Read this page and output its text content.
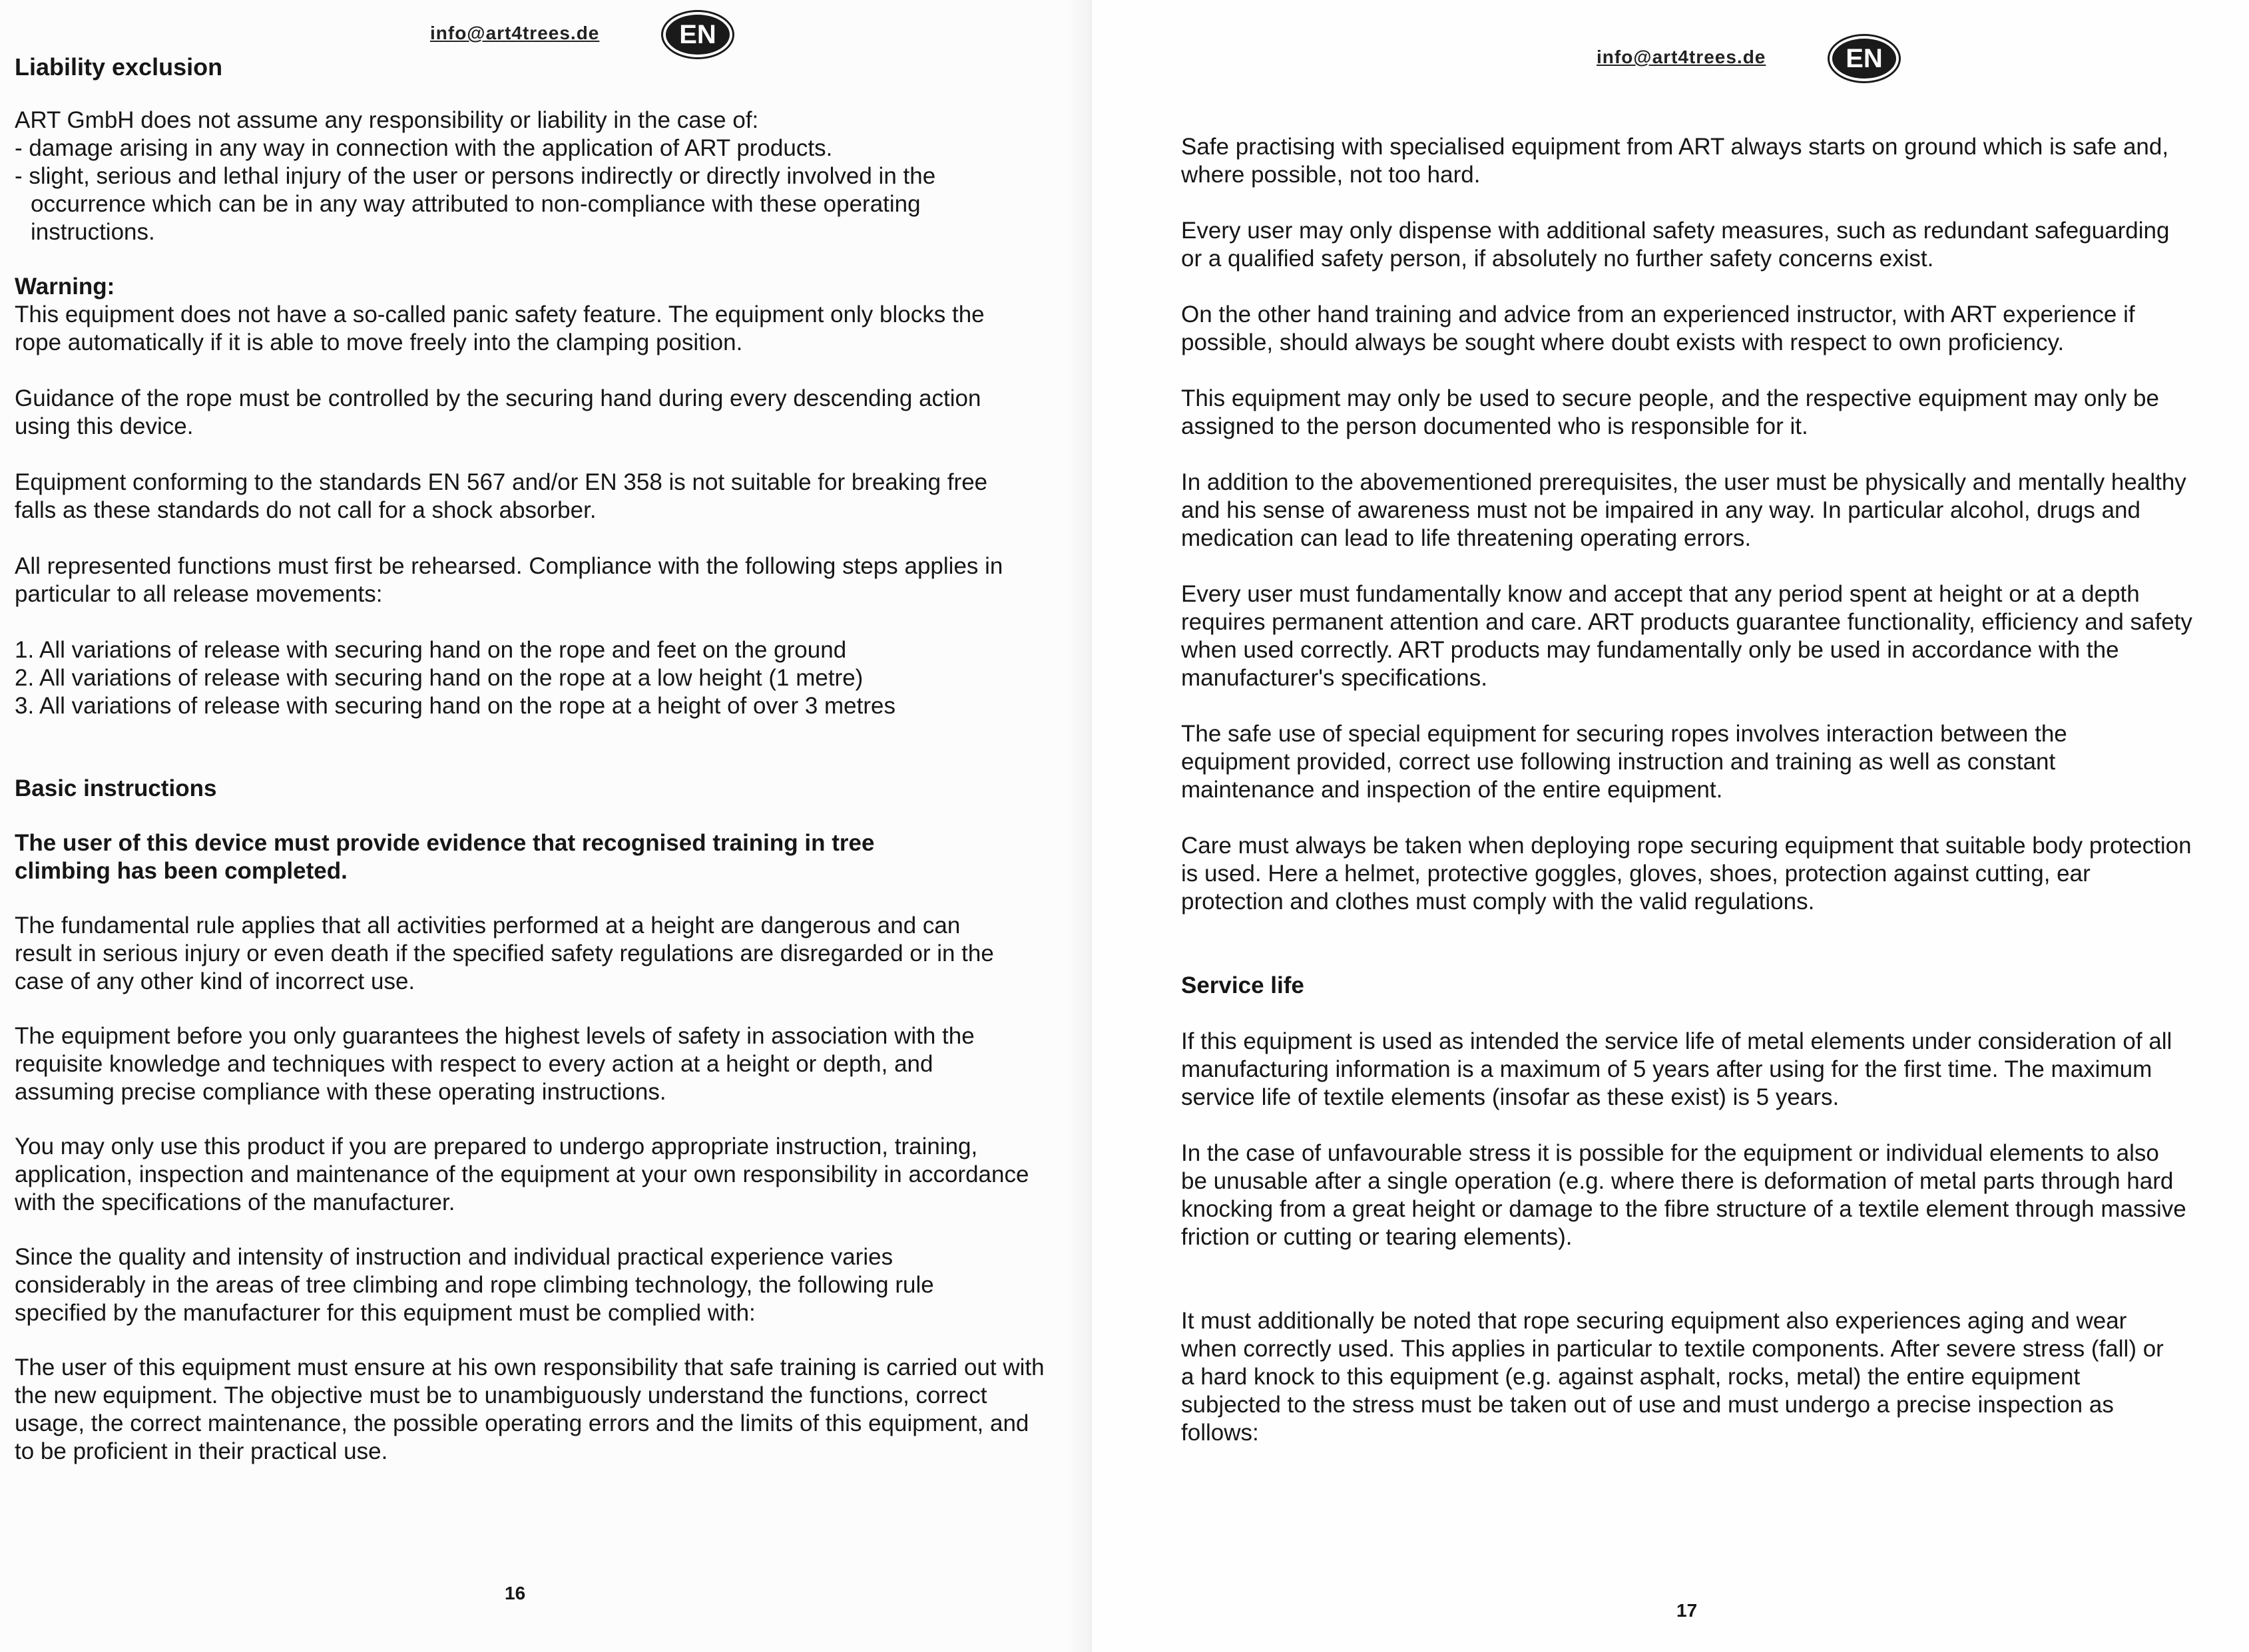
info@art4trees.de	EN

Liability exclusion

ART GmbH does not assume any responsibility or liability in the case of:

- damage arising in any way in connection with the application of ART products.

- slight, serious and lethal injury of the user or persons indirectly or directly involved in the occurrence which can be in any way attributed to non-compliance with these operating instructions.

Warning:

This equipment does not have a so-called panic safety feature. The equipment only blocks the rope automatically if it is able to move freely into the clamping position.

Guidance of the rope must be controlled by the securing hand during every descending action using this device.

Equipment conforming to the standards EN 567 and/or EN 358 is not suitable for breaking free falls as these standards do not call for a shock absorber.

All represented functions must first be rehearsed. Compliance with the following steps applies in particular to all release movements:

1. All variations of release with securing hand on the rope and feet on the ground

2. All variations of release with securing hand on the rope at a low height (1 metre)

3. All variations of release with securing hand on the rope at a height of over 3 metres

Basic instructions

The user of this device must provide evidence that recognised training in tree climbing has been completed.

The fundamental rule applies that all activities performed at a height are dangerous and can result in serious injury or even death if the specified safety regulations are disregarded or in the case of any other kind of incorrect use.

The equipment before you only guarantees the highest levels of safety in association with the requisite knowledge and techniques with respect to every action at a height or depth, and assuming precise compliance with these operating instructions.

You may only use this product if you are prepared to undergo appropriate instruction, training, application, inspection and maintenance of the equipment at your own responsibility in accordance with the specifications of the manufacturer.

Since the quality and intensity of instruction and individual practical experience varies considerably in the areas of tree climbing and rope climbing technology, the following rule specified by the manufacturer for this equipment must be complied with:

The user of this equipment must ensure at his own responsibility that safe training is carried out with the new equipment. The objective must be to unambiguously understand the functions, correct usage, the correct maintenance, the possible operating errors and the limits of this equipment, and to be proficient in their practical use.

16
info@art4trees.de	EN

Safe practising with specialised equipment from ART always starts on ground which is safe and, where possible, not too hard.

Every user may only dispense with additional safety measures, such as redundant safeguarding or a qualified safety person, if absolutely no further safety concerns exist.

On the other hand training and advice from an experienced instructor, with ART experience if possible, should always be sought where doubt exists with respect to own proficiency.

This equipment may only be used to secure people, and the respective equipment may only be assigned to the person documented who is responsible for it.

In addition to the abovementioned prerequisites, the user must be physically and mentally healthy and his sense of awareness must not be impaired in any way. In particular alcohol, drugs and medication can lead to life threatening operating errors.

Every user must fundamentally know and accept that any period spent at height or at a depth requires permanent attention and care. ART products guarantee functionality, efficiency and safety when used correctly. ART products may fundamentally only be used in accordance with the manufacturer's specifications.

The safe use of special equipment for securing ropes involves interaction between the equipment provided, correct use following instruction and training as well as constant maintenance and inspection of the entire equipment.

Care must always be taken when deploying rope securing equipment that suitable body protection is used. Here a helmet, protective goggles, gloves, shoes, protection against cutting, ear protection and clothes must comply with the valid regulations.

Service life

If this equipment is used as intended the service life of metal elements under consideration of all manufacturing information is a maximum of 5 years after using for the first time. The maximum service life of textile elements (insofar as these exist) is 5 years.

In the case of unfavourable stress it is possible for the equipment or individual elements to also be unusable after a single operation (e.g. where there is deformation of metal parts through hard knocking from a great height or damage to the fibre structure of a textile element through massive friction or cutting or tearing elements).

It must additionally be noted that rope securing equipment also experiences aging and wear when correctly used. This applies in particular to textile components. After severe stress (fall) or a hard knock to this equipment (e.g. against asphalt, rocks, metal) the entire equipment subjected to the stress must be taken out of use and must undergo a precise inspection as follows:

17
